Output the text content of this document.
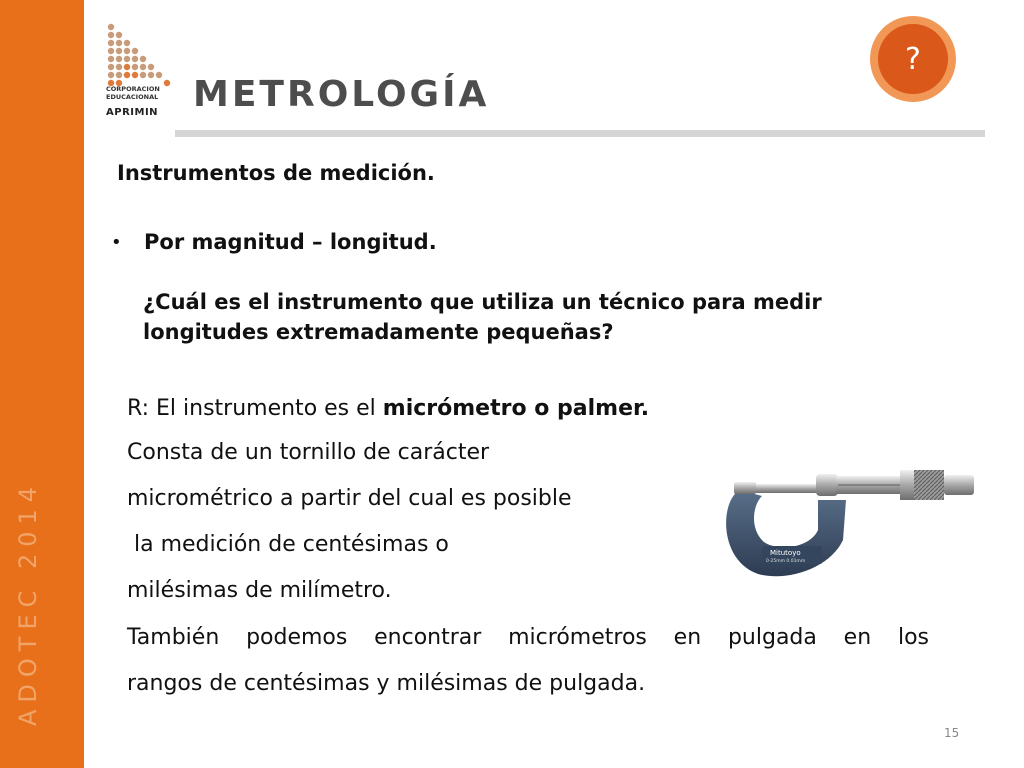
ADOTEC 2014
CORPORACION
EDUCACIONAL
APRIMIN METROLOGÍA
?
Instrumentos de medición.
• Por magnitud – longitud.
¿Cuál es el instrumento que utiliza un técnico para medir longitudes extremadamente pequeñas?
R: El instrumento es el micrómetro o palmer.
Consta de un tornillo de carácter
micrométrico a partir del cual es posible
la medición de centésimas o
milésimas de milímetro.
También podemos encontrar micrómetros en pulgada en los
rangos de centésimas y milésimas de pulgada.
Mitutoyo
0-25mm 0.01mm
15
